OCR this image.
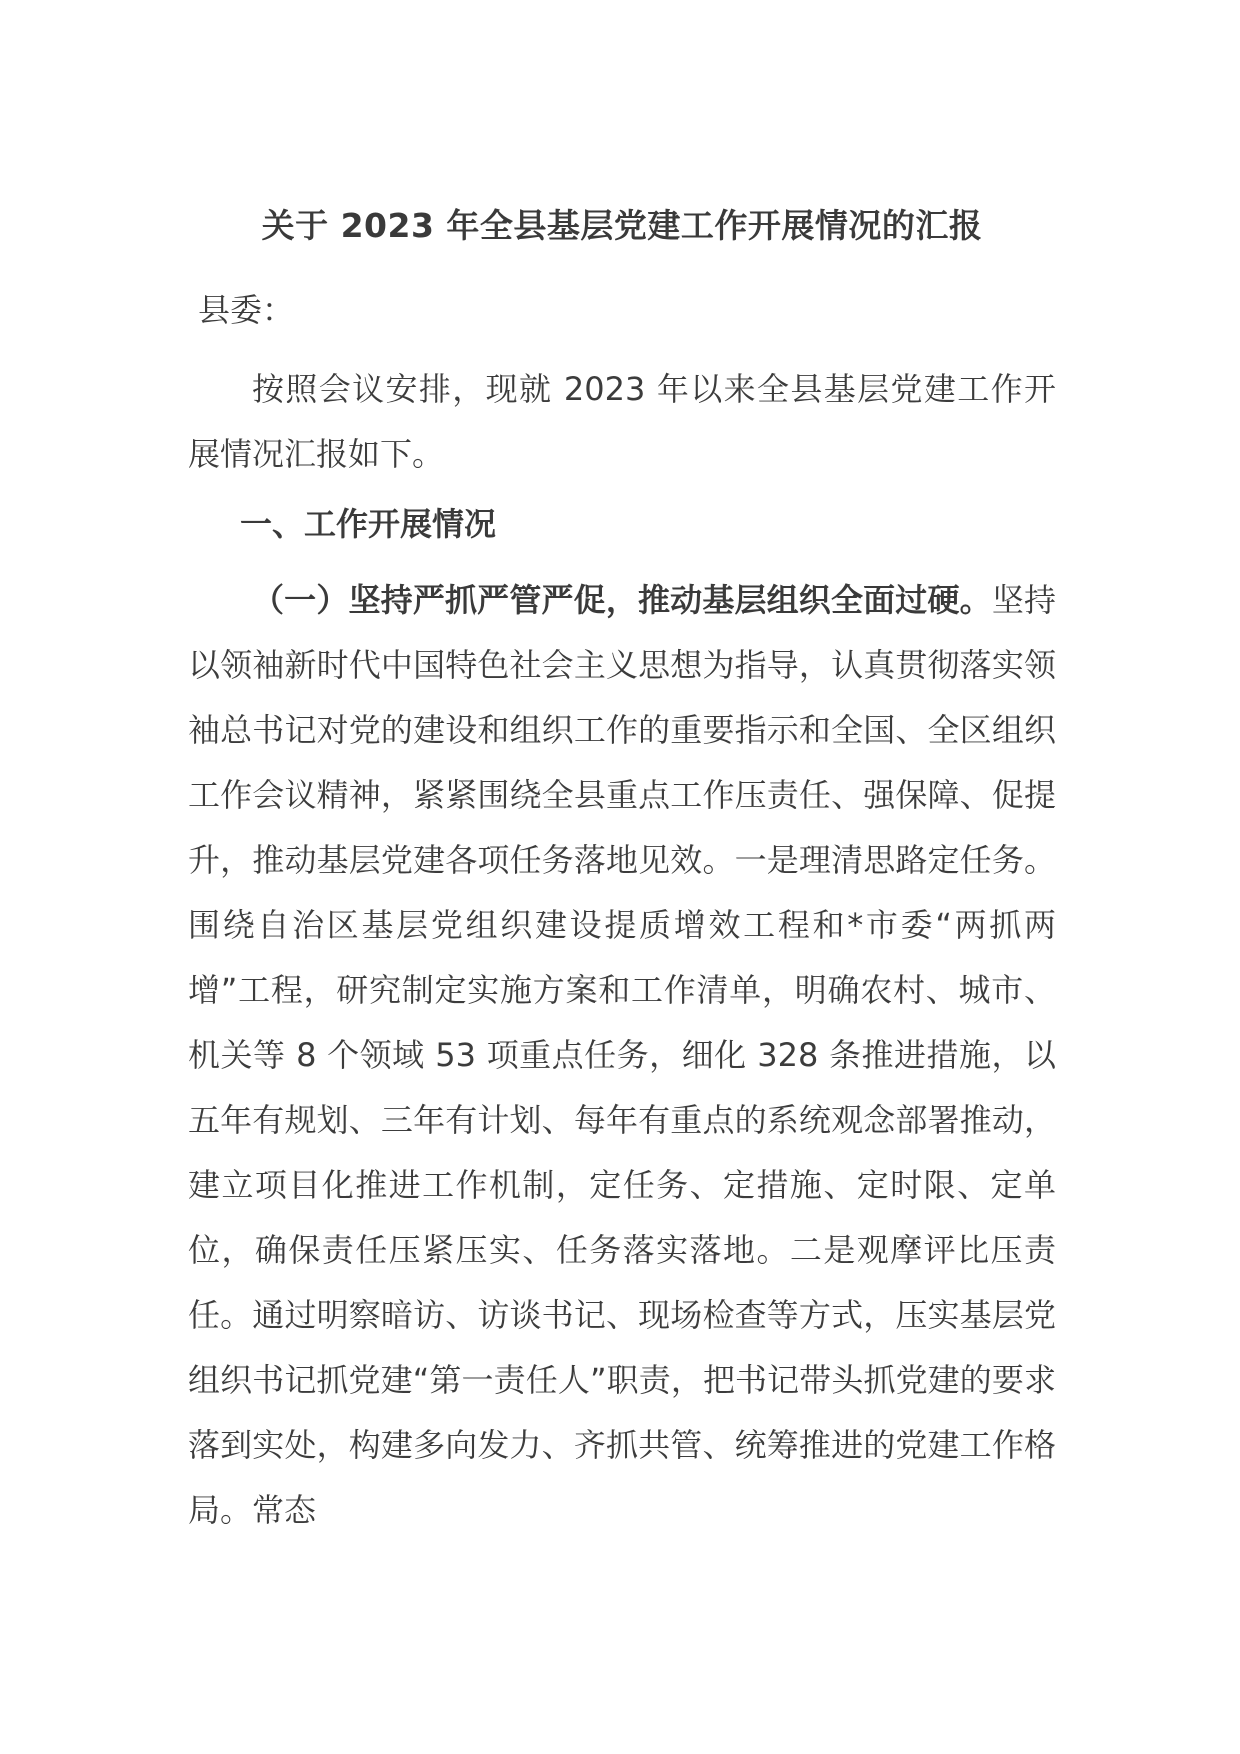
关于 2023 年全县基层党建工作开展情况的汇报
县委：

按照会议安排，现就 2023 年以来全县基层党建工作开展情况汇报如下。

一、工作开展情况

（一）坚持严抓严管严促，推动基层组织全面过硬。坚持以领袖新时代中国特色社会主义思想为指导，认真贯彻落实领袖总书记对党的建设和组织工作的重要指示和全国、全区组织工作会议精神，紧紧围绕全县重点工作压责任、强保障、促提升，推动基层党建各项任务落地见效。一是理清思路定任务。围绕自治区基层党组织建设提质增效工程和*市委“两抓两增”工程，研究制定实施方案和工作清单，明确农村、城市、机关等 8 个领域 53 项重点任务，细化 328 条推进措施，以五年有规划、三年有计划、每年有重点的系统观念部署推动，建立项目化推进工作机制，定任务、定措施、定时限、定单位，确保责任压紧压实、任务落实落地。二是观摩评比压责任。通过明察暗访、访谈书记、现场检查等方式，压实基层党组织书记抓党建“第一责任人”职责，把书记带头抓党建的要求落到实处，构建多向发力、齐抓共管、统筹推进的党建工作格局。常态
